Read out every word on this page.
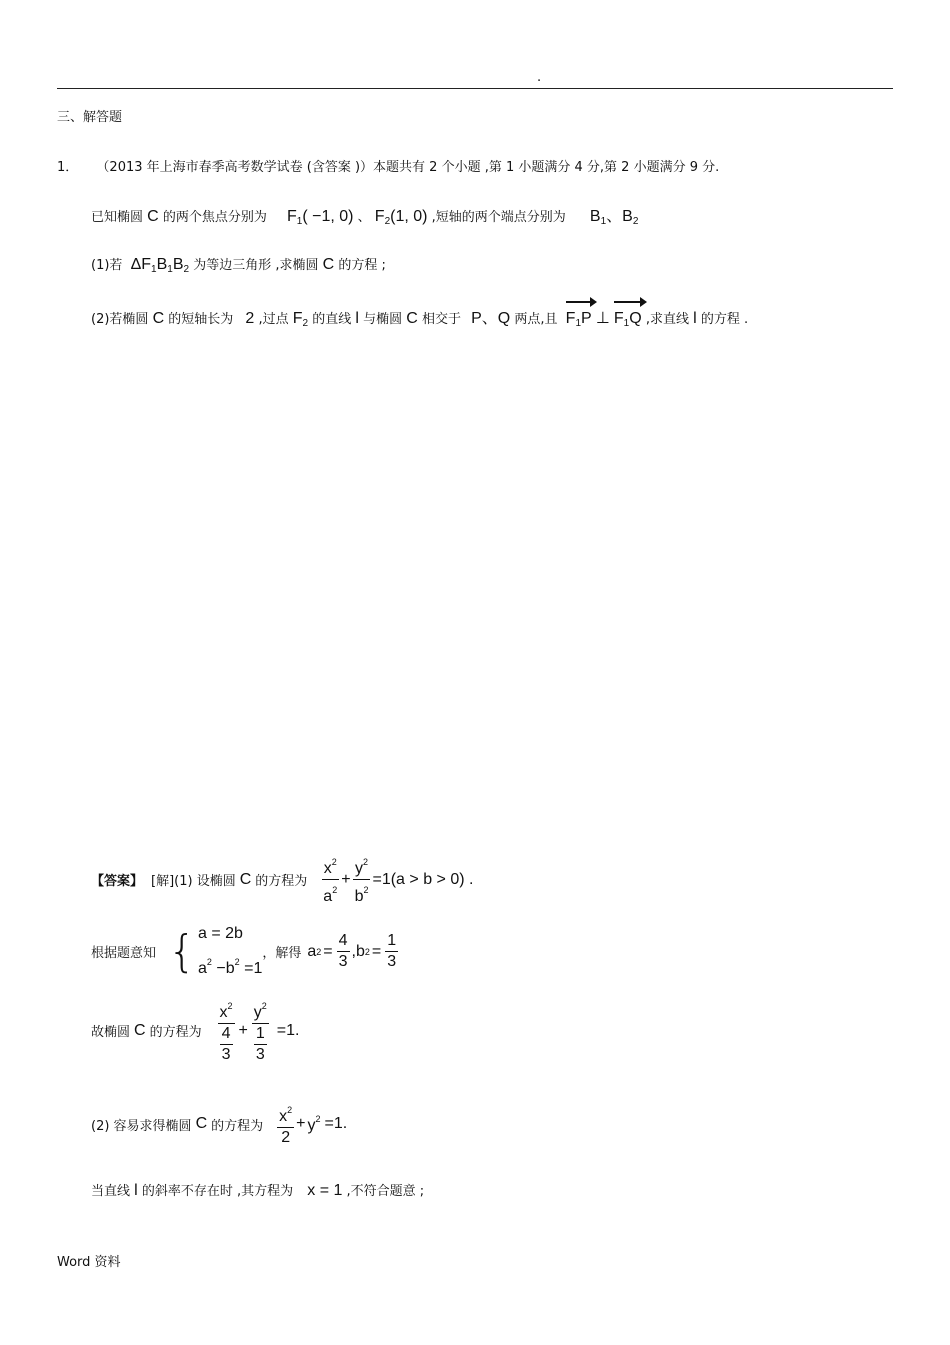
.
三、解答题
1． （2013 年上海市春季高考数学试卷 (含答案 )）本题共有 2 个小题 ,第 1 小题满分 4 分,第 2 小题满分 9 分.
已知椭圆 C 的两个焦点分别为 $F_1( -1$, 0) 、 $F_2(1$, 0) ,短轴的两个端点分别为 $B_1$、$B_2$
(1)若 $\Delta F_1B_1B_2$ 为等边三角形 ,求椭圆 C 的方程 ;
(2)若椭圆 C 的短轴长为 2 ,过点 $F_2$ 的直线 l 与椭圆 C 相交于 P、Q 两点,且 $F_1P$ ⊥ $F_1Q$ ,求直线 l 的方程 .
【答案】 [解](1) 设椭圆 C 的方程为 $\frac{x^2}{a^2} + \frac{y^2}{b^2} =1(a > b > 0)$ .
根据题意知 { a = 2b
$a^2 -b^2 =1$
，解得 a $2 = \frac{4}{3}$ , b $2 = \frac{1}{3}$
故椭圆 C 的方程为 $\frac{x^2}{\frac{4}{3}} + \frac{y^2}{\frac{1}{3}} =1$.
(2) 容易求得椭圆 C 的方程为 $\frac{x^2}{2} + y^2 =1$.
当直线 l 的斜率不存在时 ,其方程为 x = 1 ,不符合题意 ;
Word 资料
